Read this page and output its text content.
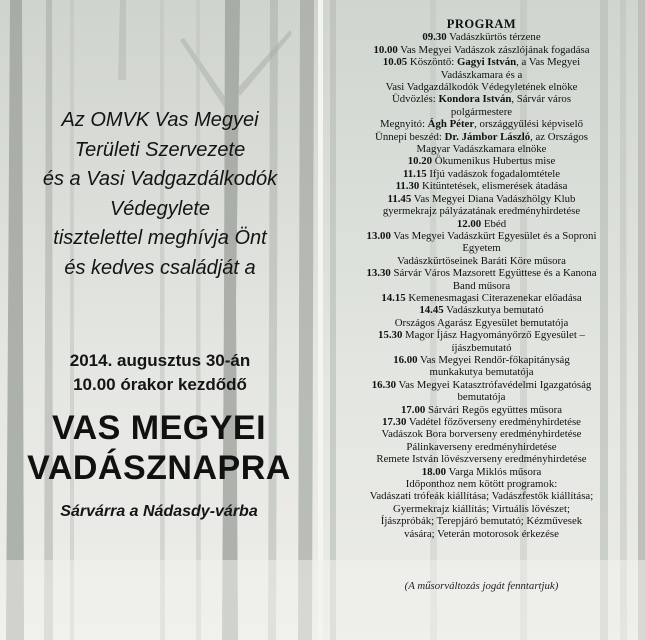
Az OMVK Vas Megyei
Területi Szervezete
és a Vasi Vadgazdálkodók
Védegylete
tisztelettel meghívja Önt
és kedves családját a
2014. augusztus 30-án
10.00 órakor kezdődő
VAS MEGYEI
VADÁSZNAPRA
Sárvárra a Nádasdy-várba
PROGRAM
09.30 Vadászkürtös térzene
10.00 Vas Megyei Vadászok zászlójának fogadása
10.05 Köszöntő: Gagyi István, a Vas Megyei
Vadászkamara és a
Vasi Vadgazdálkodók Védegyletének elnöke
Üdvözlés: Kondora István, Sárvár város
polgármestere
Megnyitó: Ágh Péter, országgyűlési képviselő
Ünnepi beszéd: Dr. Jámbor László, az Országos
Magyar Vadászkamara elnöke
10.20 Ökumenikus Hubertus mise
11.15 Ifjú vadászok fogadalomtétele
11.30 Kitüntetések, elismerések átadása
11.45 Vas Megyei Diana Vadászhölgy Klub
gyermekrajz pályázatának eredményhirdetése
12.00 Ebéd
13.00 Vas Megyei Vadászkürt Egyesület és a Soproni
Egyetem
Vadászkürtöseinek Baráti Köre műsora
13.30 Sárvár Város Mazsorett Együttese és a Kanona
Band műsora
14.15 Kemenesmagasi Citerazenekar előadása
14.45 Vadászkutya bemutató
Országos Agarász Egyesület bemutatója
15.30 Magor Íjász Hagyományőrző Egyesület –
íjászbemutató
16.00 Vas Megyei Rendőr-főkapitányság
munkakutya bemutatója
16.30 Vas Megyei Katasztrófavédelmi Igazgatóság
bemutatója
17.00 Sárvári Regös együttes műsora
17.30 Vadétel főzőverseny eredményhirdetése
Vadászok Bora borverseny eredményhirdetése
Pálinkaverseny eredményhirdetése
Remete István lövészverseny eredményhirdetése
18.00 Varga Miklós műsora
Időponthoz nem kötött programok:
Vadászati trófeák kiállítása; Vadászfestők kiállítása;
Gyermekrajz kiállítás; Virtuális lövészet;
Íjászpróbák; Terepjáró bemutató; Kézművesek
vására; Veterán motorosok érkezése
(A műsorváltozás jogát fenntartjuk)
